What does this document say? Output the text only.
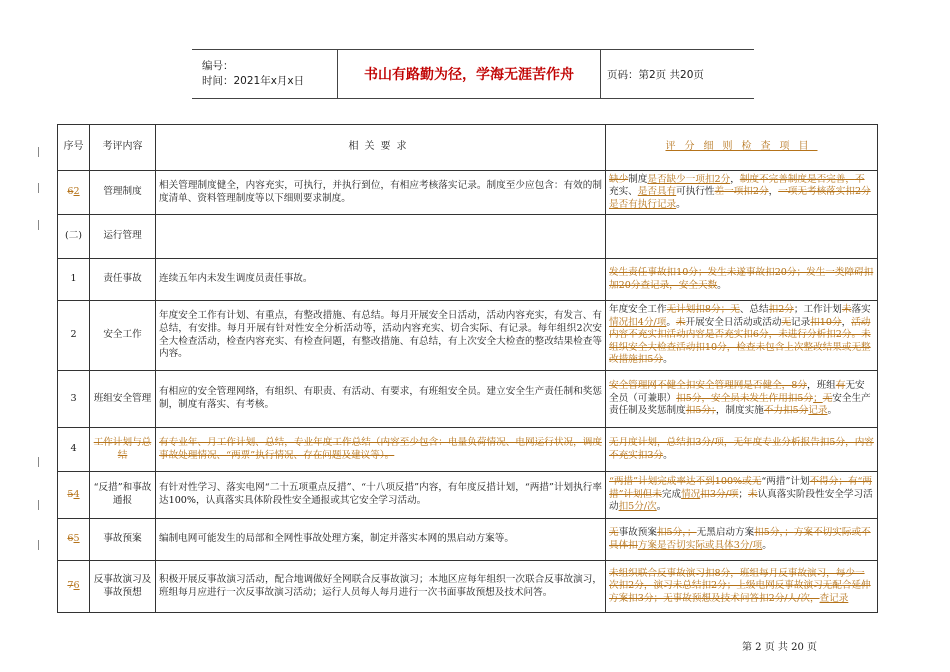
编号：
时间：2021年x月x日	书山有路勤为径，学海无涯苦作舟	页码：第2页 共20页
序号	考评内容	相关要求	评分细则检查项目
62	管理制度	相关管理制度健全，内容充实，可执行，并执行到位，有相应考核落实记录。制度至少应包含：有效的制度清单、资料管理制度等以下细则要求制度。	缺少制度是否缺少一项扣2分，制度不完善制度是否完善，不充实、是否具有可执行性差一项扣2分，一项无考核落实扣2分是否有执行记录。
(二)	运行管理		
1	责任事故	连续五年内未发生调度员责任事故。	发生责任事故扣10分；发生未遂事故扣20分；发生一类障碍扣加20分查记录，安全天数。
2	安全工作	年度安全工作有计划、有重点，有整改措施、有总结。每月开展安全日活动，活动内容充实，有发言、有总结，有安排。每月开展有针对性安全分析活动等，活动内容充实、切合实际、有记录。每年组织2次安全大检查活动，检查内容充实、有检查问题，有整改措施、有总结，有上次安全大检查的整改结果检查等内容。	年度安全工作无计划扣8分；无、总结扣2分；工作计划未落实情况扣4分/项。未开展安全日活动或活动无记录扣10分，活动内容不充实扣活动内容是否充实扣6分，未进行分析扣2分。未组织安全大检查活动扣10分，检查未包含上次整改结果或无整改措施扣5分。
3	班组安全管理	有相应的安全管理网络，有组织、有职责、有活动、有要求，有班组安全员。建立安全生产责任制和奖惩制，制度有落实、有考核。	安全管理网不健全扣安全管理网是否健全，8分，班组有无安全员（可兼职）扣5分，安全员未发生作用扣5分；无安全生产责任制及奖惩制度扣5分；，制度实施不力扣5分记录。
4	工作计划与总结	有专业年、月工作计划、总结，专业年度工作总结（内容至少包含：电量负荷情况、电网运行状况，调度事故处理情况、“两票”执行情况、存在问题及建议等）。	无月度计划，总结扣3分/项，无年度专业分析报告扣5分，内容不充实扣3分。
54	“反措”和事故通报	有针对性学习、落实电网“二十五项重点反措”、“十八项反措”内容，有年度反措计划，“两措”计划执行率达100%，认真落实具体阶段性安全通报或其它安全学习活动。	“两措”计划完成率达不到100%或无“两措”计划不得分；有“两措”计划但未完成情况扣3分/项；未认真落实阶段性安全学习活动扣5分/次。
65	事故预案	编制电网可能发生的局部和全网性事故处理方案，制定并落实本网的黑启动方案等。	无事故预案扣5分，；无黑启动方案扣5分，；方案不切实际或不具体扣方案是否切实际或具体3分/项。
76	反事故演习及事故预想	积极开展反事故演习活动，配合地调做好全网联合反事故演习；本地区应每年组织一次联合反事故演习，班组每月应进行一次反事故演习活动；运行人员每人每月进行一次书面事故预想及技术问答。	未组织联合反事故演习扣8分，班组每月反事故演习，每少一次扣2分，演习未总结扣2分；上级电网反事故演习无配合延伸方案扣3分；无事故预想及技术问答扣2分/人/次，查记录
第 2 页 共 20 页
